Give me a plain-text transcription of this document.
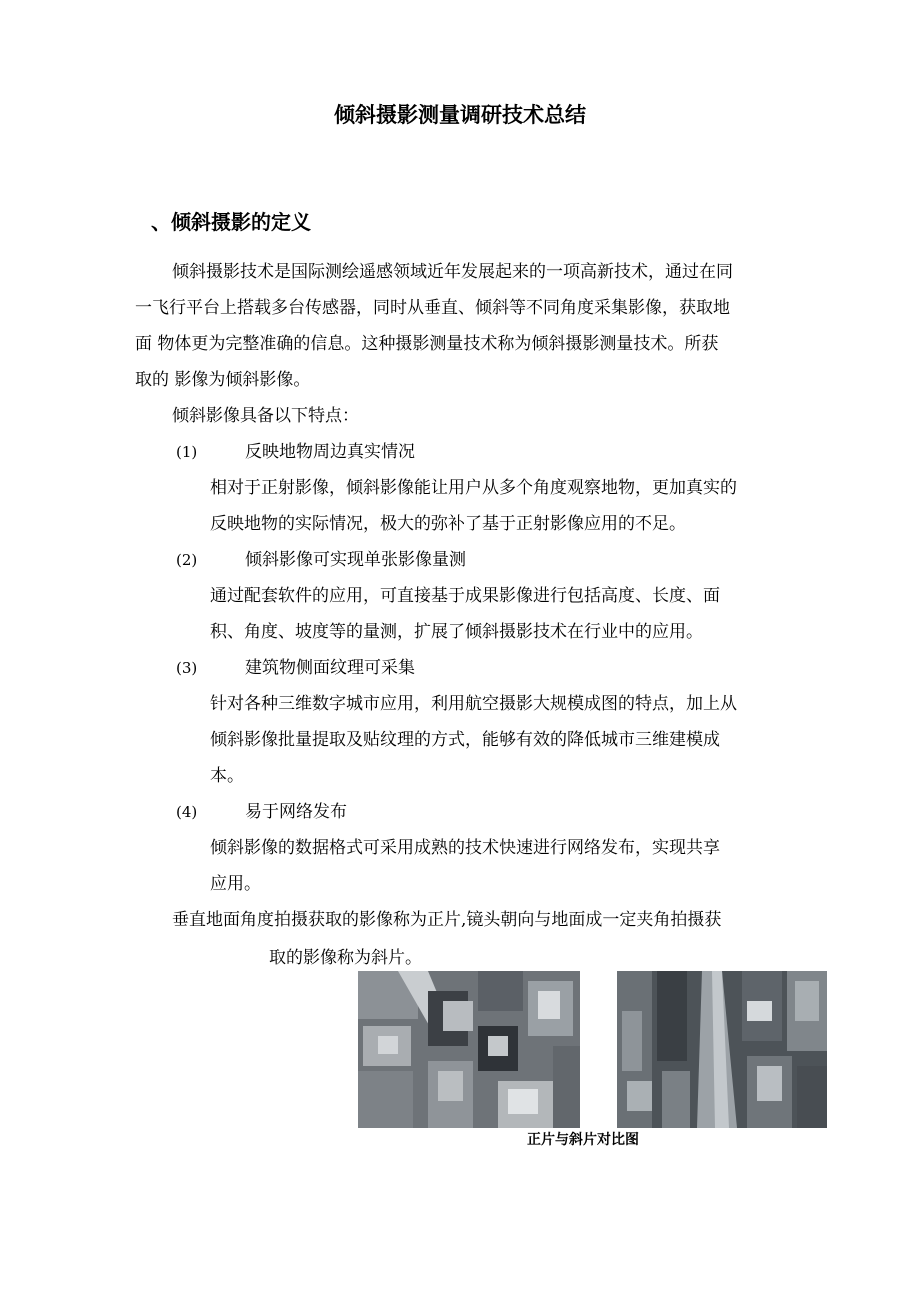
倾斜摄影测量调研技术总结
、倾斜摄影的定义
倾斜摄影技术是国际测绘遥感领域近年发展起来的一项高新技术，通过在同
一飞行平台上搭载多台传感器，同时从垂直、倾斜等不同角度采集影像，获取地
面 物体更为完整准确的信息。这种摄影测量技术称为倾斜摄影测量技术。所获
取的 影像为倾斜影像。
倾斜影像具备以下特点：
(1)	反映地物周边真实情况
相对于正射影像，倾斜影像能让用户从多个角度观察地物，更加真实的
反映地物的实际情况，极大的弥补了基于正射影像应用的不足。
(2)	倾斜影像可实现单张影像量测
通过配套软件的应用，可直接基于成果影像进行包括高度、长度、面
积、角度、坡度等的量测，扩展了倾斜摄影技术在行业中的应用。
(3)	建筑物侧面纹理可采集
针对各种三维数字城市应用，利用航空摄影大规模成图的特点，加上从
倾斜影像批量提取及贴纹理的方式，能够有效的降低城市三维建模成
本。
(4)	易于网络发布
倾斜影像的数据格式可采用成熟的技术快速进行网络发布，实现共享
应用。
垂直地面角度拍摄获取的影像称为正片,镜头朝向与地面成一定夹角拍摄获
取的影像称为斜片。
正片与斜片对比图
